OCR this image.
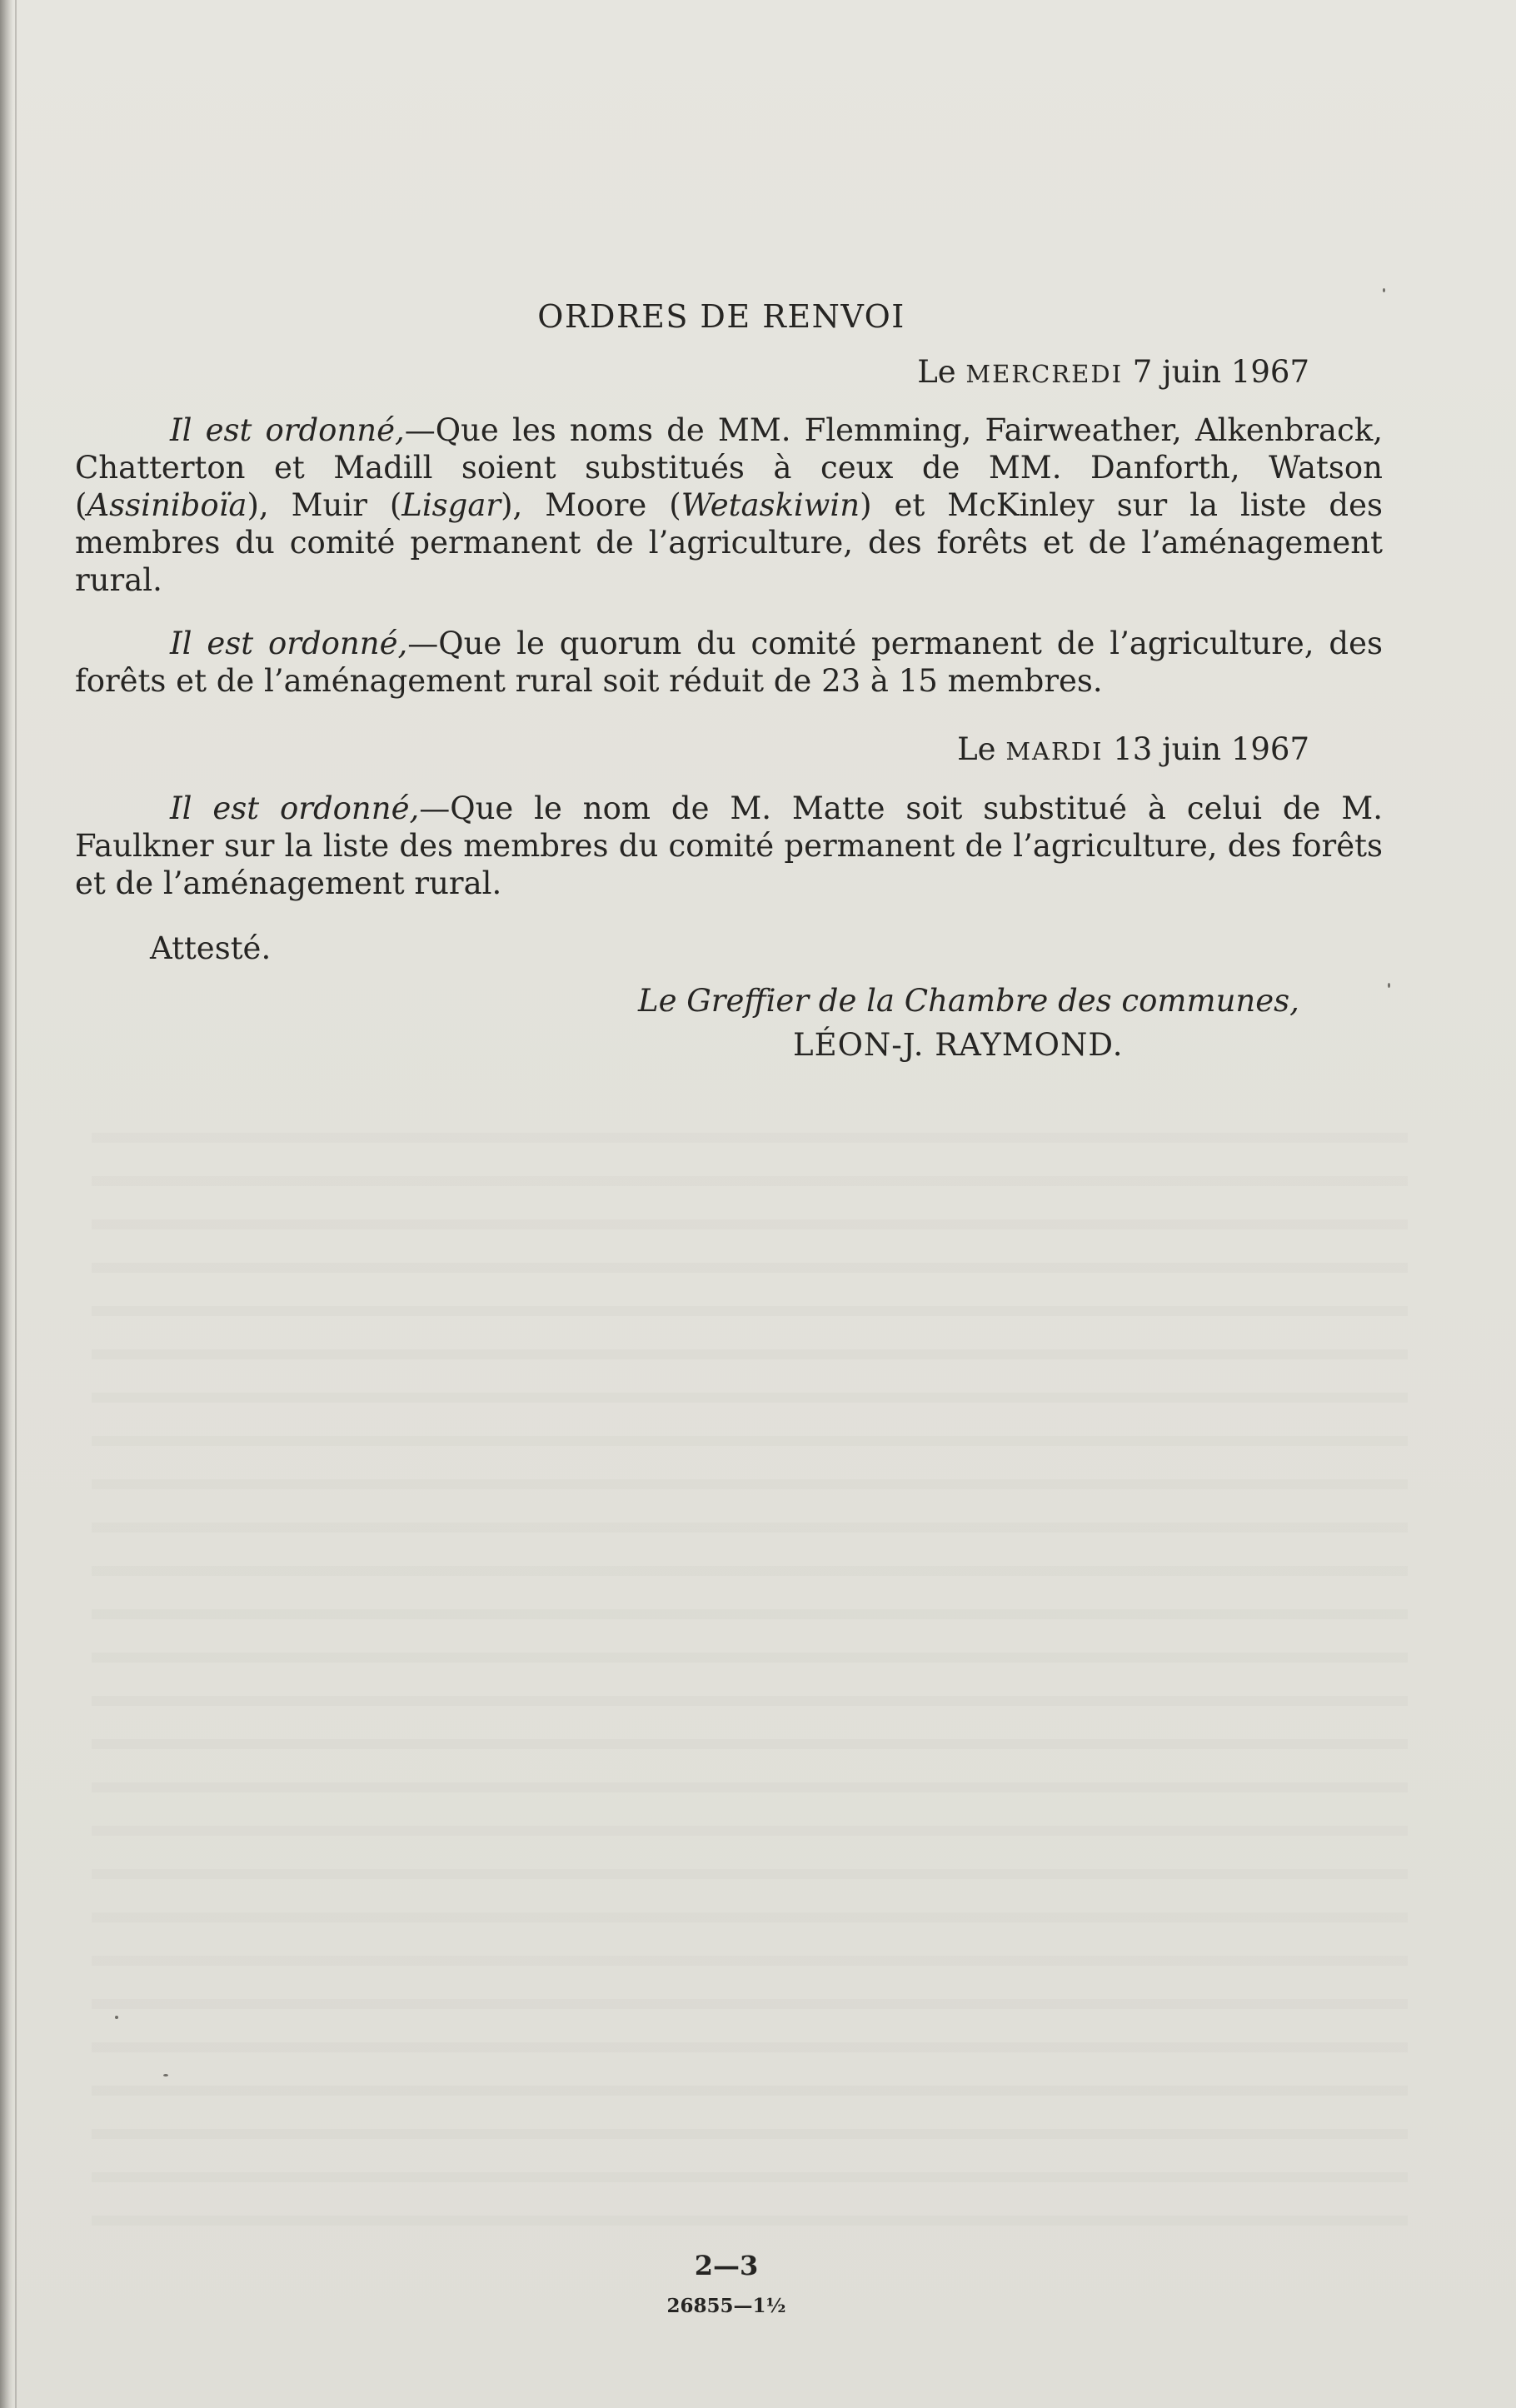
ORDRES DE RENVOI
Le MERCREDI 7 juin 1967

Il est ordonné,—Que les noms de MM. Flemming, Fairweather, Alkenbrack, Chatterton et Madill soient substitués à ceux de MM. Danforth, Watson (Assiniboïa), Muir (Lisgar), Moore (Wetaskiwin) et McKinley sur la liste des membres du comité permanent de l’agriculture, des forêts et de l’aménagement rural.

Il est ordonné,—Que le quorum du comité permanent de l’agriculture, des forêts et de l’aménagement rural soit réduit de 23 à 15 membres.

Le MARDI 13 juin 1967

Il est ordonné,—Que le nom de M. Matte soit substitué à celui de M. Faulkner sur la liste des membres du comité permanent de l’agriculture, des forêts et de l’aménagement rural.

Attesté.
Le Greffier de la Chambre des communes,
LÉON-J. RAYMOND.
2—3
26855—1½
